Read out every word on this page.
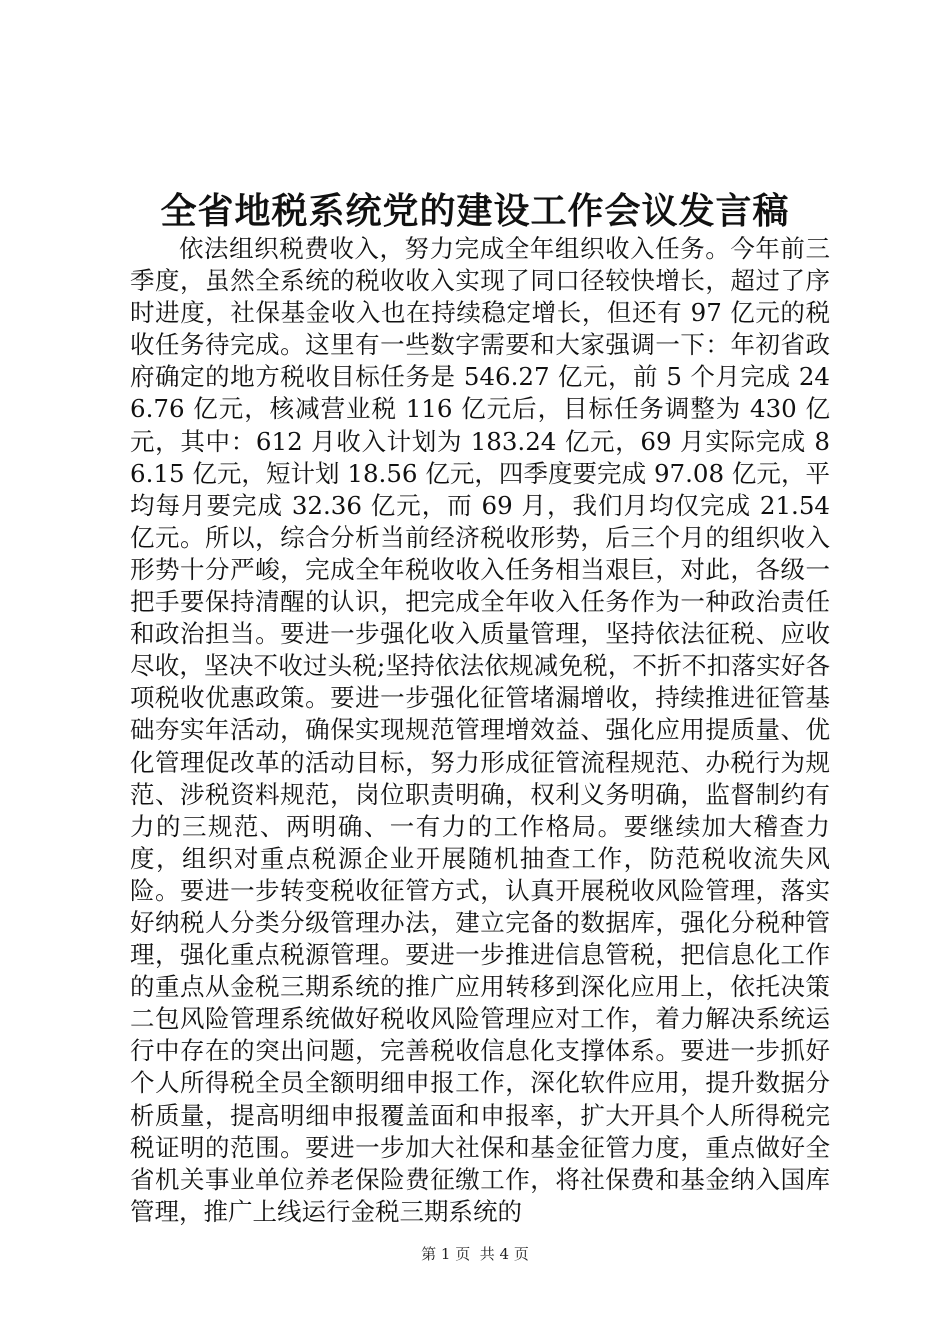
全省地税系统党的建设工作会议发言稿

依法组织税费收入，努力完成全年组织收入任务。今年前三季度，虽然全系统的税收收入实现了同口径较快增长，超过了序时进度，社保基金收入也在持续稳定增长，但还有 97 亿元的税收任务待完成。这里有一些数字需要和大家强调一下：年初省政府确定的地方税收目标任务是 546.27 亿元，前 5 个月完成 246.76 亿元，核减营业税 116 亿元后，目标任务调整为 430 亿元，其中：612 月收入计划为 183.24 亿元，69 月实际完成 86.15 亿元，短计划 18.56 亿元，四季度要完成 97.08 亿元，平均每月要完成 32.36 亿元，而 69 月，我们月均仅完成 21.54 亿元。所以，综合分析当前经济税收形势，后三个月的组织收入形势十分严峻，完成全年税收收入任务相当艰巨，对此，各级一把手要保持清醒的认识，把完成全年收入任务作为一种政治责任和政治担当。要进一步强化收入质量管理，坚持依法征税、应收尽收，坚决不收过头税;坚持依法依规减免税，不折不扣落实好各项税收优惠政策。要进一步强化征管堵漏增收，持续推进征管基础夯实年活动，确保实现规范管理增效益、强化应用提质量、优化管理促改革的活动目标，努力形成征管流程规范、办税行为规范、涉税资料规范，岗位职责明确，权利义务明确，监督制约有力的三规范、两明确、一有力的工作格局。要继续加大稽查力度，组织对重点税源企业开展随机抽查工作，防范税收流失风险。要进一步转变税收征管方式，认真开展税收风险管理，落实好纳税人分类分级管理办法，建立完备的数据库，强化分税种管理，强化重点税源管理。要进一步推进信息管税，把信息化工作的重点从金税三期系统的推广应用转移到深化应用上，依托决策二包风险管理系统做好税收风险管理应对工作，着力解决系统运行中存在的突出问题，完善税收信息化支撑体系。要进一步抓好个人所得税全员全额明细申报工作，深化软件应用，提升数据分析质量，提高明细申报覆盖面和申报率，扩大开具个人所得税完税证明的范围。要进一步加大社保和基金征管力度，重点做好全省机关事业单位养老保险费征缴工作，将社保费和基金纳入国库管理，推广上线运行金税三期系统的

第 1 页  共 4 页
